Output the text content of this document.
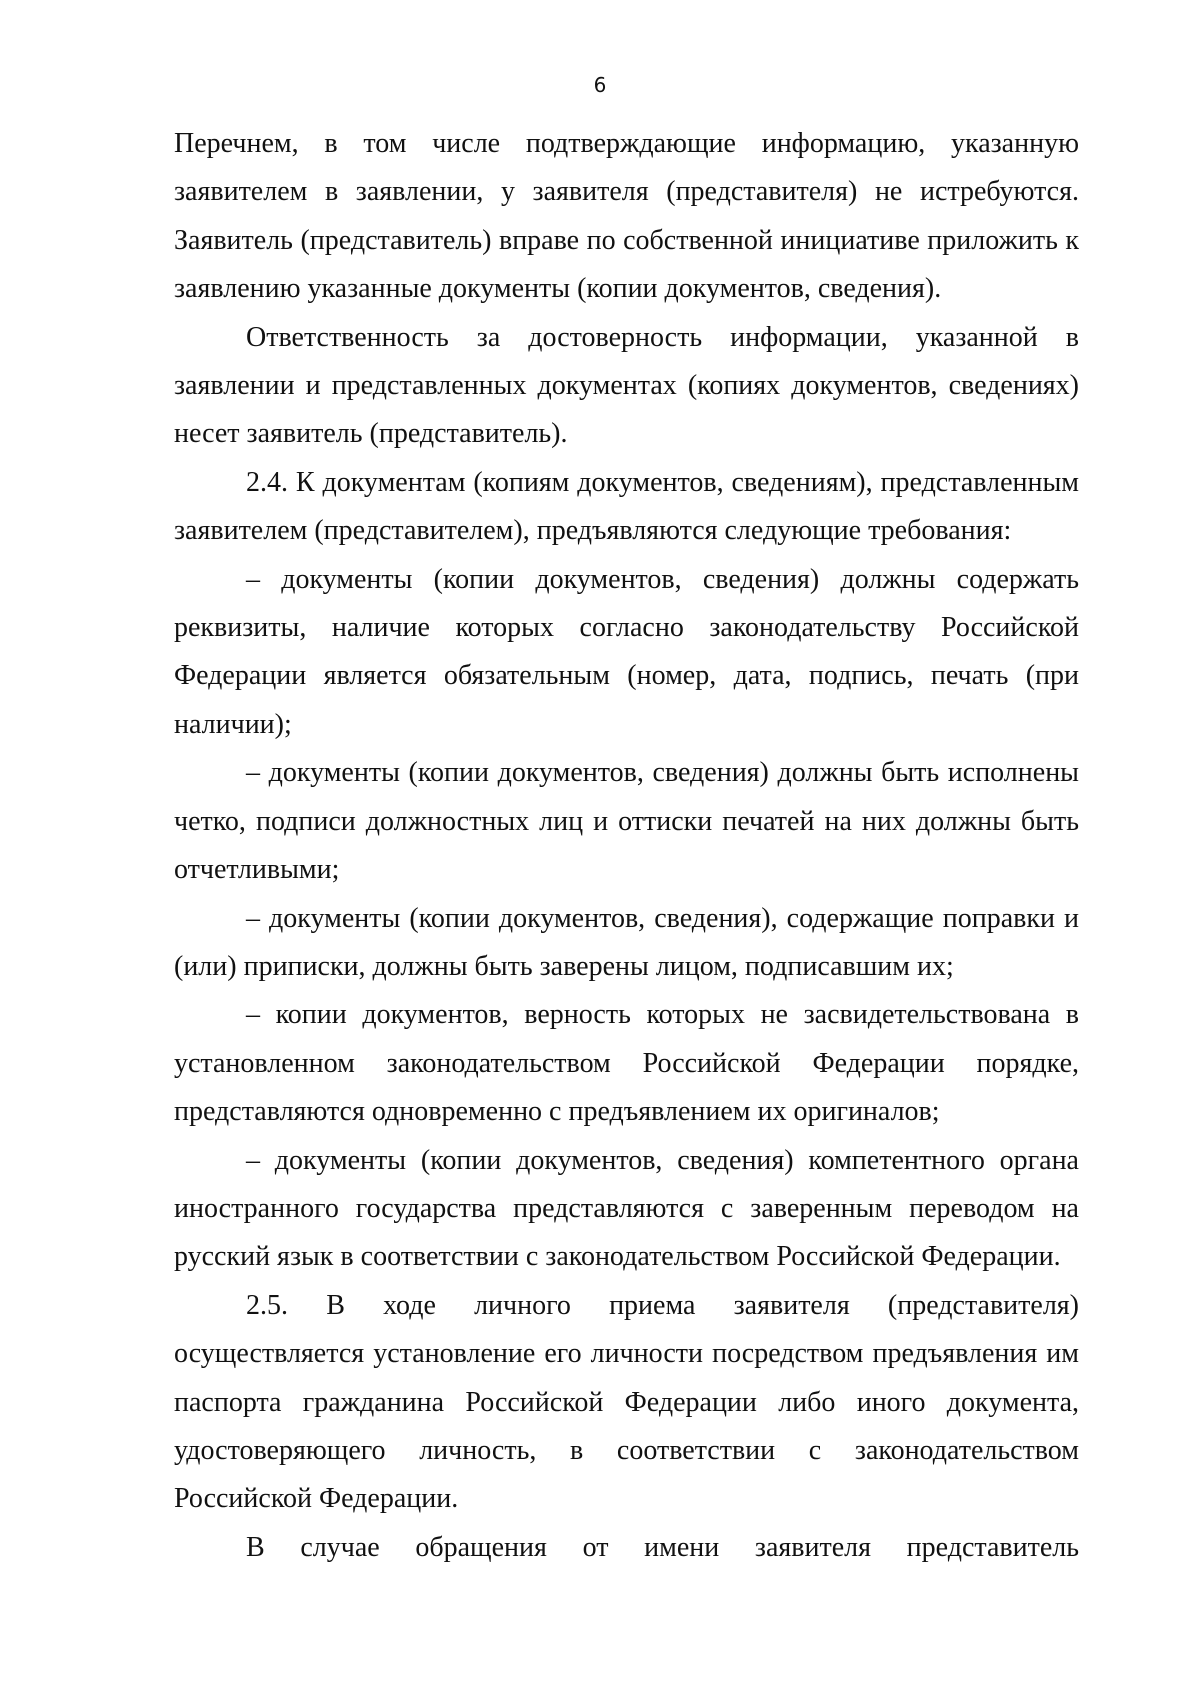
6

Перечнем, в том числе подтверждающие информацию, указанную заявителем в заявлении, у заявителя (представителя) не истребуются. Заявитель (представитель) вправе по собственной инициативе приложить к заявлению указанные документы (копии документов, сведения).

Ответственность за достоверность информации, указанной в заявлении и представленных документах (копиях документов, сведениях) несет заявитель (представитель).

2.4. К документам (копиям документов, сведениям), представленным заявителем (представителем), предъявляются следующие требования:

– документы (копии документов, сведения) должны содержать реквизиты, наличие которых согласно законодательству Российской Федерации является обязательным (номер, дата, подпись, печать (при наличии);

– документы (копии документов, сведения) должны быть исполнены четко, подписи должностных лиц и оттиски печатей на них должны быть отчетливыми;

– документы (копии документов, сведения), содержащие поправки и (или) приписки, должны быть заверены лицом, подписавшим их;

– копии документов, верность которых не засвидетельствована в установленном законодательством Российской Федерации порядке, представляются одновременно с предъявлением их оригиналов;

– документы (копии документов, сведения) компетентного органа иностранного государства представляются с заверенным переводом на русский язык в соответствии с законодательством Российской Федерации.

2.5. В ходе личного приема заявителя (представителя) осуществляется установление его личности посредством предъявления им паспорта гражданина Российской Федерации либо иного документа, удостоверяющего личность, в соответствии с законодательством Российской Федерации.

В случае обращения от имени заявителя представитель
